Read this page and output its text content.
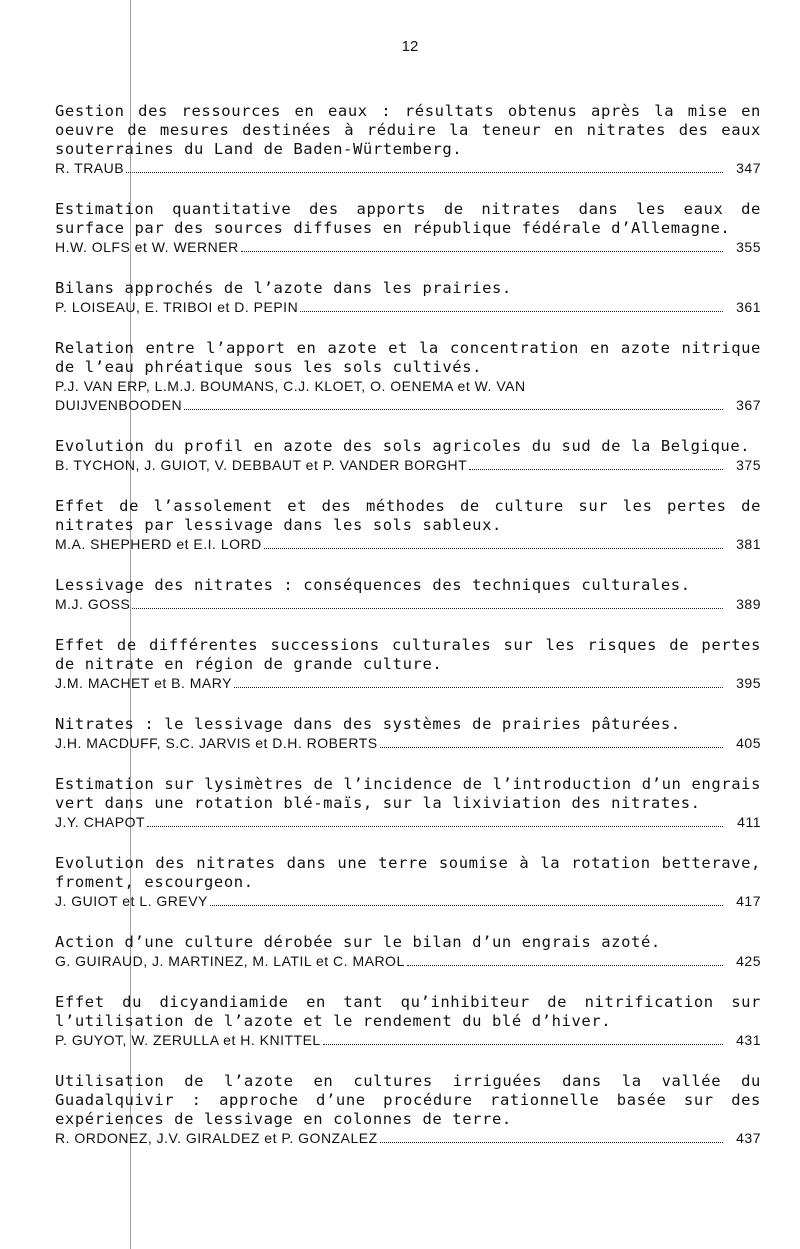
12
Gestion des ressources en eaux : résultats obtenus après la mise en oeuvre de mesures destinées à réduire la teneur en nitrates des eaux souterraines du Land de Baden-Würtemberg.
R. TRAUB	347
Estimation quantitative des apports de nitrates dans les eaux de surface par des sources diffuses en république fédérale d’Allemagne.
H.W. OLFS et W. WERNER	355
Bilans approchés de l’azote dans les prairies.
P. LOISEAU, E. TRIBOI et D. PEPIN	361
Relation entre l’apport en azote et la concentration en azote nitrique de l’eau phréatique sous les sols cultivés.
P.J. VAN ERP, L.M.J. BOUMANS, C.J. KLOET, O. OENEMA et W. VAN
DUIJVENBOODEN	367
Evolution du profil en azote des sols agricoles du sud de la Belgique.
B. TYCHON, J. GUIOT, V. DEBBAUT et P. VANDER BORGHT	375
Effet de l’assolement et des méthodes de culture sur les pertes de nitrates par lessivage dans les sols sableux.
M.A. SHEPHERD et E.I. LORD	381
Lessivage des nitrates : conséquences des techniques culturales.
M.J. GOSS	389
Effet de différentes successions culturales sur les risques de pertes de nitrate en région de grande culture.
J.M. MACHET et B. MARY	395
Nitrates : le lessivage dans des systèmes de prairies pâturées.
J.H. MACDUFF, S.C. JARVIS et D.H. ROBERTS	405
Estimation sur lysimètres de l’incidence de l’introduction d’un engrais vert dans une rotation blé-maïs, sur la lixiviation des nitrates.
J.Y. CHAPOT	411
Evolution des nitrates dans une terre soumise à la rotation betterave, froment, escourgeon.
J. GUIOT et L. GREVY	417
Action d’une culture dérobée sur le bilan d’un engrais azoté.
G. GUIRAUD, J. MARTINEZ, M. LATIL et C. MAROL	425
Effet du dicyandiamide en tant qu’inhibiteur de nitrification sur l’utilisation de l’azote et le rendement du blé d’hiver.
P. GUYOT, W. ZERULLA et H. KNITTEL	431
Utilisation de l’azote en cultures irriguées dans la vallée du Guadalquivir : approche d’une procédure rationnelle basée sur des expériences de lessivage en colonnes de terre.
R. ORDONEZ, J.V. GIRALDEZ et P. GONZALEZ	437
